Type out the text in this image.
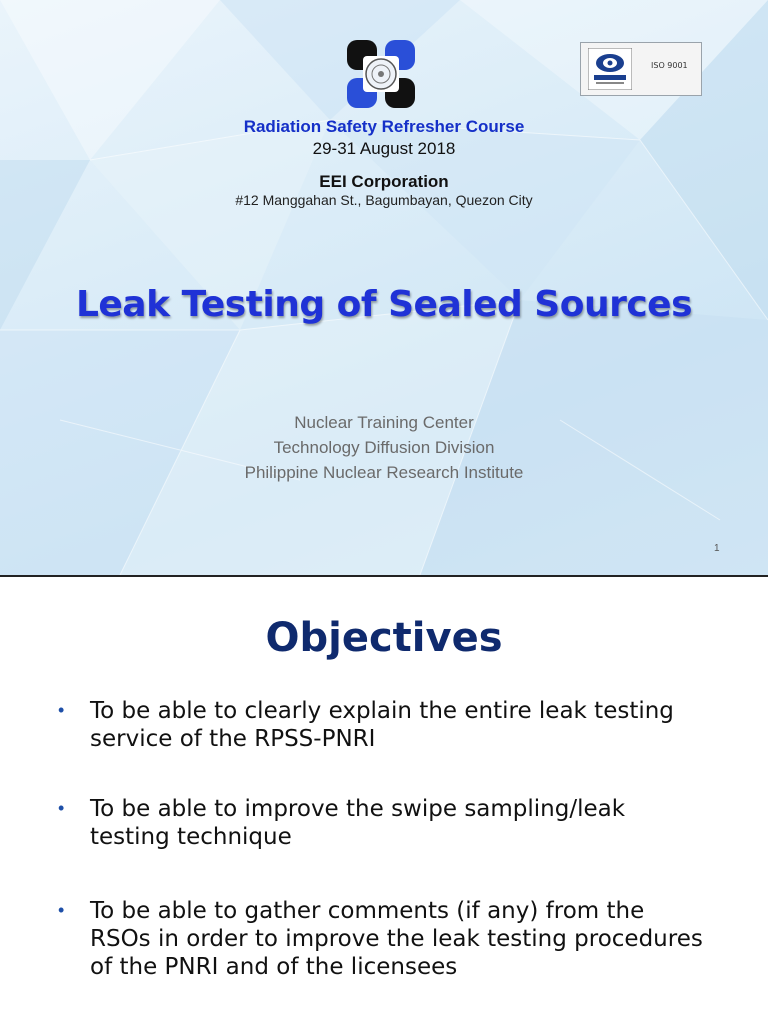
ISO 9001
Radiation Safety Refresher Course
29-31 August 2018
EEI Corporation
#12 Manggahan St., Bagumbayan, Quezon City
Leak Testing of Sealed Sources
Nuclear Training Center
Technology Diffusion Division
Philippine Nuclear Research Institute
1
Objectives
• To be able to clearly explain the entire leak testing service of the RPSS-PNRI
• To be able to improve the swipe sampling/leak testing technique
• To be able to gather comments (if any) from the RSOs in order to improve the leak testing procedures of the PNRI and of the licensees
